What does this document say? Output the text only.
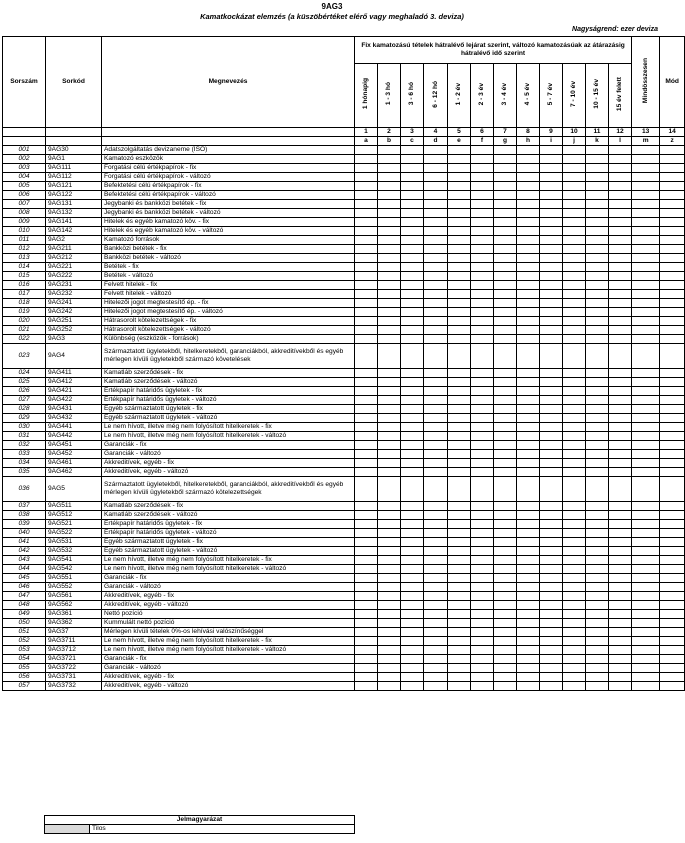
9AG3
Kamatkockázat elemzés (a küszöbértéket elérő vagy meghaladó 3. deviza)
Nagyságrend: ezer deviza
Sorszám	Sorkód	Megnevezés	Fix kamatozású tételek hátralévő lejárat szerint, változó kamatozásúak az átárazásig hátralévő idő szerint												Mindösszesen	Mód
			1 hónapig	1 - 3 hó	3 - 6 hó	6 - 12 hó	1 - 2 év	2 - 3 év	3 - 4 év	4 - 5 év	5 - 7 év	7 - 10 év	10 - 15 év	15 év felett		
			1	2	3	4	5	6	7	8	9	10	11	12	13	14
			a	b	c	d	e	f	g	h	i	j	k	l	m	z
001	9AG30	Adatszolgáltatás devizaneme (ISO)														
002	9AG1	Kamatozó eszközök														
003	9AG111	Forgatási célú értékpapírok - fix														
004	9AG112	Forgatási célú értékpapírok - változó														
005	9AG121	Befektetési célú értékpapírok - fix														
006	9AG122	Befektetési célú értékpapírok - változó														
007	9AG131	Jegybanki és bankközi betétek - fix														
008	9AG132	Jegybanki és bankközi betétek - változó														
009	9AG141	Hitelek és egyéb kamatozó köv. - fix														
010	9AG142	Hitelek és egyéb kamatozó köv. - változó														
011	9AG2	Kamatozó források														
012	9AG211	Bankközi betétek - fix														
013	9AG212	Bankközi betétek - változó														
014	9AG221	Betétek - fix														
015	9AG222	Betétek - változó														
016	9AG231	Felvett hitelek - fix														
017	9AG232	Felvett hitelek - változó														
018	9AG241	Hitelezői jogot megtestesítő ép. - fix														
019	9AG242	Hitelezői jogot megtestesítő ép. - változó														
020	9AG251	Hátrasorolt kötelezettségek - fix														
021	9AG252	Hátrasorolt kötelezettségek - változó														
022	9AG3	Különbség (eszközök - források)														
023	9AG4	Származtatott ügyletekből, hitelkeretekből, garanciákból, akkreditívekből és egyéb mérlegen kívüli ügyletekből származó követelések														
024	9AG411	Kamatláb szerződések - fix														
025	9AG412	Kamatláb szerződések - változó														
026	9AG421	Értékpapír határidős ügyletek - fix														
027	9AG422	Értékpapír határidős ügyletek - változó														
028	9AG431	Egyéb származtatott ügyletek - fix														
029	9AG432	Egyéb származtatott ügyletek - változó														
030	9AG441	Le nem hívott, illetve még nem folyósított hitelkeretek - fix														
031	9AG442	Le nem hívott, illetve még nem folyósított hitelkeretek - változó														
032	9AG451	Garanciák - fix														
033	9AG452	Garanciák - változó														
034	9AG461	Akkreditívek, egyéb - fix														
035	9AG462	Akkreditívek, egyéb - változó														
036	9AG5	Származtatott ügyletekből, hitelkeretekből, garanciákból, akkreditívekből és egyéb mérlegen kívüli ügyletekből származó kötelezettségek														
037	9AG511	Kamatláb szerződések - fix														
038	9AG512	Kamatláb szerződések - változó														
039	9AG521	Értékpapír határidős ügyletek - fix														
040	9AG522	Értékpapír határidős ügyletek - változó														
041	9AG531	Egyéb származtatott ügyletek - fix														
042	9AG532	Egyéb származtatott ügyletek - változó														
043	9AG541	Le nem hívott, illetve még nem folyósított hitelkeretek - fix														
044	9AG542	Le nem hívott, illetve még nem folyósított hitelkeretek - változó														
045	9AG551	Garanciák - fix														
046	9AG552	Garanciák - változó														
047	9AG561	Akkreditívek, egyéb - fix														
048	9AG562	Akkreditívek, egyéb - változó														
049	9AG361	Nettó pozíció														
050	9AG362	Kummulált nettó pozíció														
051	9AG37	Mérlegen kívüli tételek 0%-os lehívási valószínűséggel														
052	9AG3711	Le nem hívott, illetve még nem folyósított hitelkeretek - fix														
053	9AG3712	Le nem hívott, illetve még nem folyósított hitelkeretek - változó														
054	9AG3721	Garanciák - fix														
055	9AG3722	Garanciák - változó														
056	9AG3731	Akkreditívek, egyéb - fix														
057	9AG3732	Akkreditívek, egyéb - változó														
Jelmagyarázat
	Tilos
